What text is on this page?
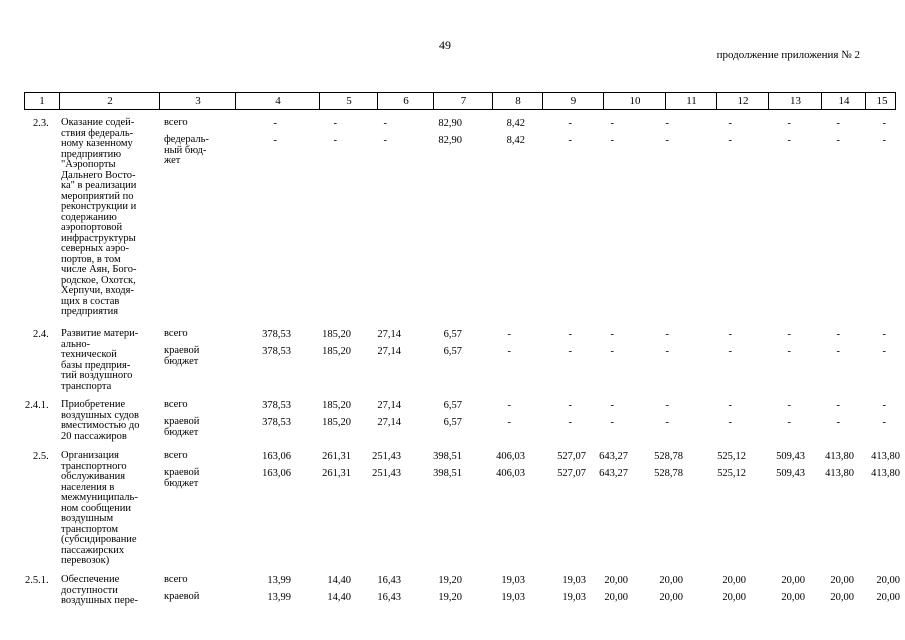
49
продолжение приложения № 2
1	2	3	4	5	6	7	8	9	10	11	12	13	14	15
2.3.	Оказание содей-
ствия федераль-
ному казенному
предприятию
"Аэропорты
Дальнего Восто-
ка" в реализации
мероприятий по
реконструкции и
содержанию
аэропортовой
инфраструктуры
северных аэро-
портов, в том
числе Аян, Бого-
родское, Охотск,
Херпучи, входя-
щих в состав
предприятия
всего	-	-	-	82,90	8,42	-	-	-	-	-	-	-
федераль-
ный бюд-
жет
-	-	-	82,90	8,42	-	-	-	-	-	-	-
2.4.	Развитие матери-
ально-
технической
базы предприя-
тий воздушного
транспорта
всего	378,53	185,20	27,14	6,57	-	-	-	-	-	-	-	-
краевой
бюджет
378,53	185,20	27,14	6,57	-	-	-	-	-	-	-	-
2.4.1.	Приобретение
воздушных судов
вместимостью до
20 пассажиров
всего	378,53	185,20	27,14	6,57	-	-	-	-	-	-	-	-
краевой
бюджет
378,53	185,20	27,14	6,57	-	-	-	-	-	-	-	-
2.5.	Организация
транспортного
обслуживания
населения в
межмуниципаль-
ном сообщении
воздушным
транспортом
(субсидирование
пассажирских
перевозок)
всего	163,06	261,31	251,43	398,51	406,03	527,07	643,27	528,78	525,12	509,43	413,80	413,80
краевой
бюджет
163,06	261,31	251,43	398,51	406,03	527,07	643,27	528,78	525,12	509,43	413,80	413,80
2.5.1.	Обеспечение
доступности
воздушных пере-
всего	13,99	14,40	16,43	19,20	19,03	19,03	20,00	20,00	20,00	20,00	20,00	20,00
краевой	13,99	14,40	16,43	19,20	19,03	19,03	20,00	20,00	20,00	20,00	20,00	20,00
